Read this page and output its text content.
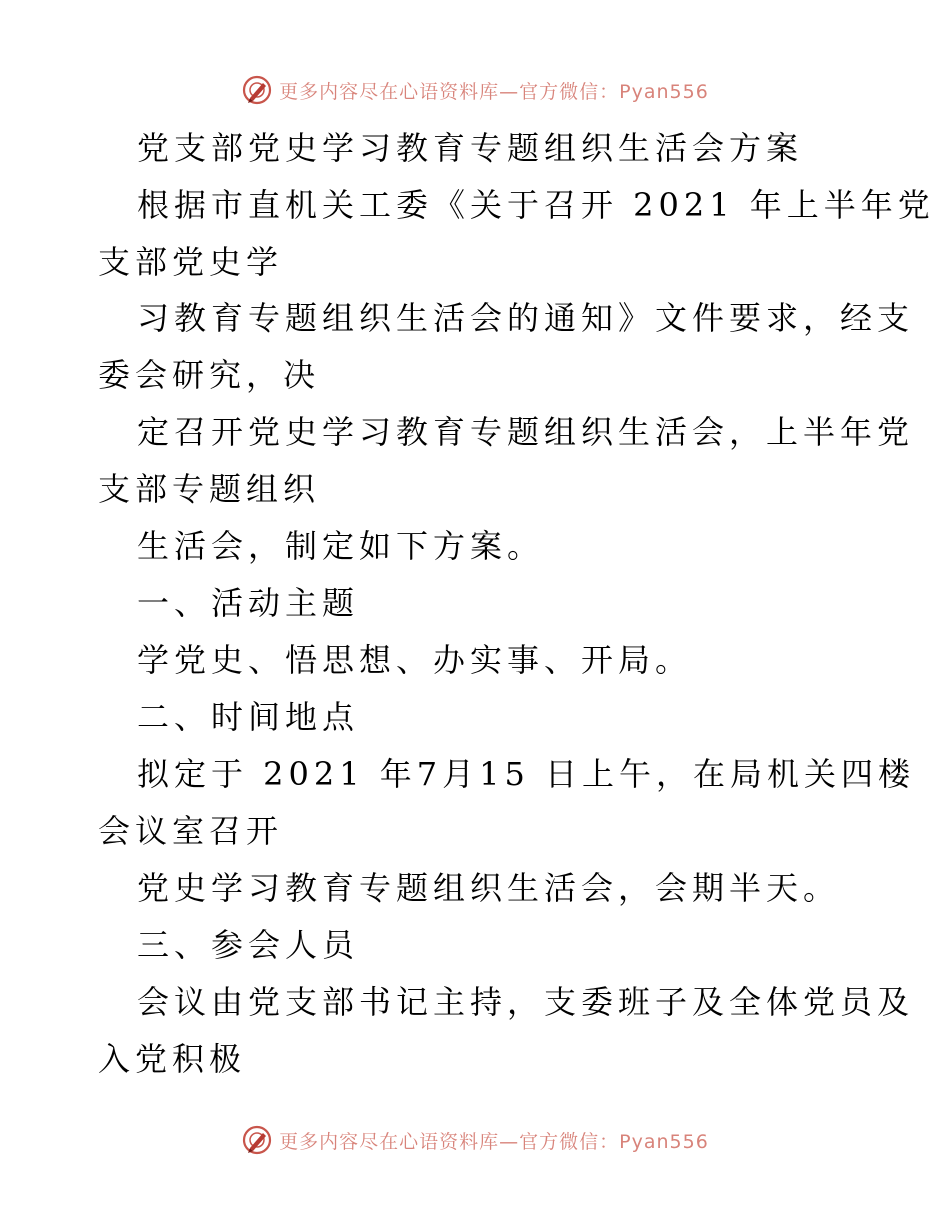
更多内容尽在心语资料库—官方微信：Pyan556
党支部党史学习教育专题组织生活会方案
根据市直机关工委《关于召开 2021 年上半年党
支部党史学
习教育专题组织生活会的通知》文件要求，经支
委会研究，决
定召开党史学习教育专题组织生活会，上半年党
支部专题组织
生活会，制定如下方案。
一、活动主题
学党史、悟思想、办实事、开局。
二、时间地点
拟定于 2021 年7月15 日上午，在局机关四楼
会议室召开
党史学习教育专题组织生活会，会期半天。
三、参会人员
会议由党支部书记主持，支委班子及全体党员及
入党积极
更多内容尽在心语资料库—官方微信：Pyan556
